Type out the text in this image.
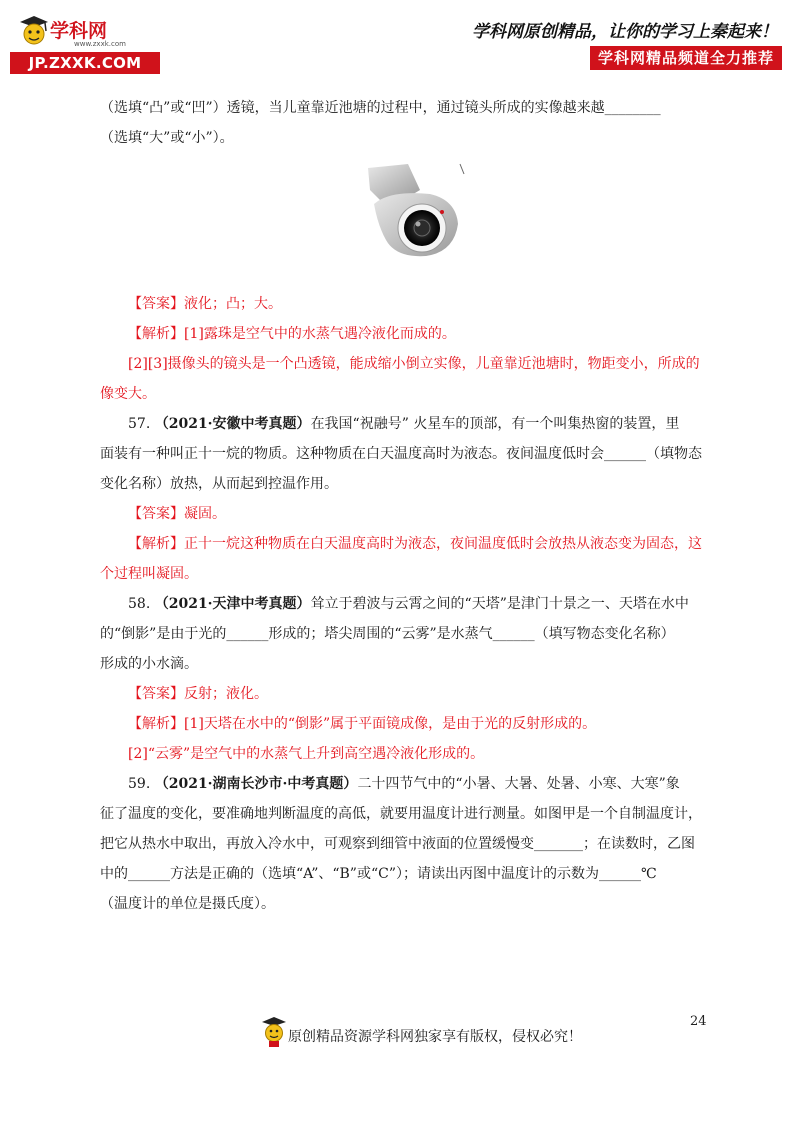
学科网
www.zxxk.com
JP.ZXXK.COM
学科网原创精品，让你的学习上秦起来！
学科网精品频道全力推荐
（选填“凸”或“凹”）透镜，当儿童靠近池塘的过程中，通过镜头所成的实像越来越________
（选填“大”或“小”）。
【答案】液化；凸；大。
【解析】[1]露珠是空气中的水蒸气遇冷液化而成的。
[2][3]摄像头的镜头是一个凸透镜，能成缩小倒立实像，儿童靠近池塘时，物距变小，所成的
像变大。
57. （2021·安徽中考真题）在我国“祝融号” 火星车的顶部，有一个叫集热窗的装置，里
面装有一种叫正十一烷的物质。这种物质在白天温度高时为液态。夜间温度低时会______（填物态
变化名称）放热，从而起到控温作用。
【答案】凝固。
【解析】正十一烷这种物质在白天温度高时为液态，夜间温度低时会放热从液态变为固态，这
个过程叫凝固。
58. （2021·天津中考真题）耸立于碧波与云霄之间的“天塔”是津门十景之一、天塔在水中
的“倒影”是由于光的______形成的；塔尖周围的“云雾”是水蒸气______（填写物态变化名称）
形成的小水滴。
【答案】反射；液化。
【解析】[1]天塔在水中的“倒影”属于平面镜成像，是由于光的反射形成的。
[2]“云雾”是空气中的水蒸气上升到高空遇冷液化形成的。
59. （2021·湖南长沙市·中考真题）二十四节气中的“小暑、大暑、处暑、小寒、大寒”象
征了温度的变化，要准确地判断温度的高低，就要用温度计进行测量。如图甲是一个自制温度计，
把它从热水中取出，再放入冷水中，可观察到细管中液面的位置缓慢变_______；在读数时，乙图
中的______方法是正确的（选填“A”、“B”或“C”）；请读出丙图中温度计的示数为______℃
（温度计的单位是摄氏度）。
24
原创精品资源学科网独家享有版权，侵权必究！
